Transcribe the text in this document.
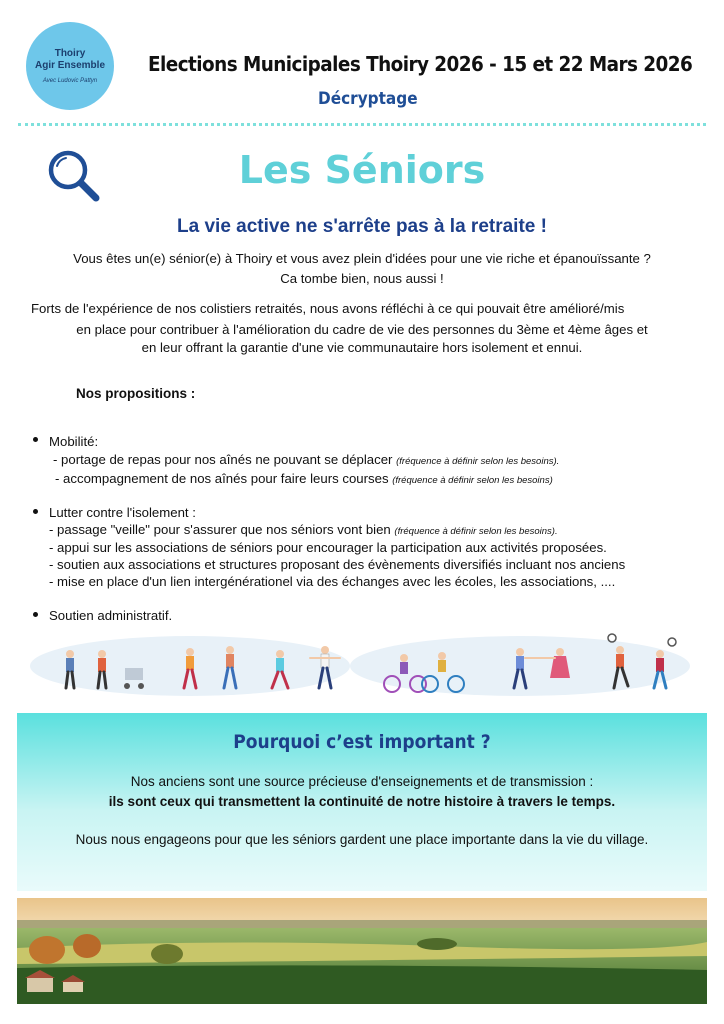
Thoiry
Agir Ensemble
Avec Ludovic Pattyn
Elections Municipales Thoiry 2026 - 15 et 22 Mars 2026
Décryptage
Les Séniors
La vie active ne s'arrête pas à la retraite !
Vous êtes un(e) sénior(e) à Thoiry et vous avez plein d'idées pour une vie riche et épanouïssante ?
Ca tombe bien, nous aussi !
Forts de l'expérience de nos colistiers retraités, nous avons réfléchi à ce qui pouvait être amélioré/mis
en place pour contribuer à l'amélioration du cadre de vie des personnes du 3ème et 4ème âges et
en leur offrant la garantie d'une vie communautaire hors isolement et ennui.
Nos propositions :
Mobilité:
- portage de repas pour nos aînés ne pouvant se déplacer (fréquence à définir selon les besoins).
- accompagnement de nos aînés pour faire leurs courses (fréquence à définir selon les besoins)
Lutter contre l'isolement :
- passage "veille" pour s'assurer que nos séniors vont bien (fréquence à définir selon les besoins).
- appui sur les associations de séniors pour encourager la participation aux activités proposées.
- soutien aux associations et structures proposant des évènements diversifiés incluant nos anciens
- mise en place d'un lien intergénérationel via des échanges avec les écoles, les associations, ....
Soutien administratif.
Pourquoi c’est important ?
Nos anciens sont une source précieuse d'enseignements et de transmission :
ils sont ceux qui transmettent la continuité de notre histoire à travers le temps.
Nous nous engageons pour que les séniors gardent une place importante dans la vie du village.
